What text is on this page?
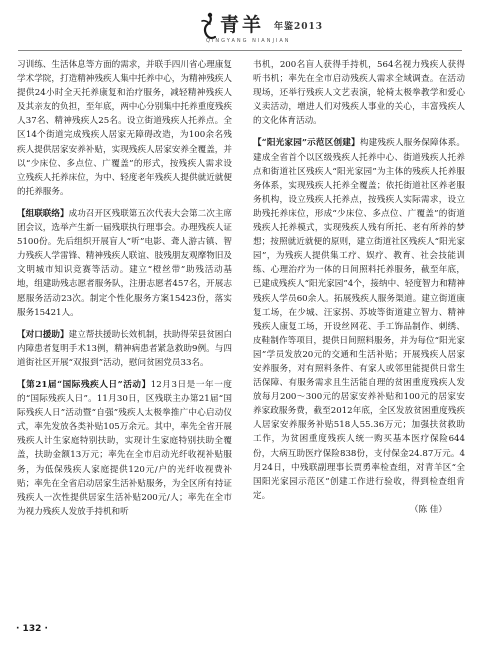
青羊 年鉴2013
QINGYANG NIANJIAN

习训练、生活体息等方面的需求，并联手四川省心理康复学术学院，打造精神残疾人集中托养中心，为精神残疾人提供24小时全天托养康复和治疗服务，减轻精神残疾人及其亲友的负担，至年底，两中心分别集中托养重度残疾人37名、精神残疾人25名。设立街道残疾人托养点。全区14个街道完成残疾人居家无障碍改造，为100余名残疾人提供居家安养补贴，实现残疾人居家安养全覆盖，并以“少床位、多点位、广覆盖”的形式，按残疾人需求设立残疾人托养床位，为中、轻度老年残疾人提供就近就便的托养服务。

【组联联络】成功召开区残联第五次代表大会第二次主席团会议，选举产生新一届残联执行理事会。办理残疾人证5100份。先后组织开展盲人“听”电影、聋人游古镇、智力残疾人学雷锋、精神残疾人联谊、肢残朋友观摩物旧及文明城市知识竞赛等活动。建立“橙丝带”助残活动基地，组建助残志愿者服务队，注册志愿者457名，开展志愿服务活动23次。制定个性化服务方案15423份，落实服务15421人。

【对口援助】建立帮扶援助长效机制，扶助得荣县贫困白内障患者复明手术13例，精神病患者紧急救助9例。与四道街社区开展“双报到”活动，慰问贫困党员33名。

【第21届“国际残疾人日”活动】12月3日是一年一度的“国际残疾人日”。11月30日，区残联主办第21届“国际残疾人日”活动暨“自强”残疾人太极拳推广中心启动仪式，率先发放各类补贴105万余元。其中，率先全省开展残疾人计生家庭特别扶助，实现计生家庭特别扶助全覆盖，扶助金额13万元；率先在全市启动光纤收视补贴服务，为低保残疾人家庭提供120元/户的光纤收视费补贴；率先在全省启动居家生活补贴服务，为全区所有持证残疾人一次性提供居家生活补贴200元/人；率先在全市为视力残疾人发放手持机和听

书机，200名盲人获得手持机，564名视力残疾人获得听书机；率先在全市启动残疾人需求全域调查。在活动现场，还举行残疾人文艺表演，轮椅太极拳教学和爱心义卖活动，增进人们对残疾人事业的关心，丰富残疾人的文化体育活动。

【“阳光家园”示范区创建】构建残疾人服务保障体系。建成全省首个以区级残疾人托养中心、街道残疾人托养点和街道社区残疾人“阳光家园”为主体的残疾人托养服务体系，实现残疾人托养全覆盖；依托街道社区养老服务机构，设立残疾人托养点，按残疾人实际需求，设立助残托养床位，形成“少床位、多点位、广覆盖”的街道残疾人托养模式，实现残疾人残有所托、老有所养的梦想；按照就近就便的原则，建立街道社区残疾人“阳光家园”，为残疾人提供集工疗、娱疗、教育、社会技能训练、心理治疗为一体的日间照料托养服务，截至年底，已建成残疾人“阳光家园”4个，接纳中、轻度智力和精神残疾人学员60余人。拓展残疾人服务渠道。建立街道康复工场，在少城、汪家拐、苏坡等街道建立智力、精神残疾人康复工场，开设丝网花、手工饰品制作、刺绣、皮鞋制作等项目，提供日间照料服务，并为每位“阳光家园”学员发放20元的交通和生活补贴；开展残疾人居家安养服务，对有照料条件、有家人或邻里能提供日常生活保障、有服务需求且生活能自理的贫困重度残疾人发放每月200～300元的居家安养补贴和100元的居家安养家政服务费，截至2012年底，全区发放贫困重度残疾人居家安养服务补贴518人55.36万元；加强扶贫救助工作，为贫困重度残疾人统一购买基本医疗保险644份，大病互助医疗保险838份，支付保金24.87万元。4月24日，中残联副理事长贾勇率检查组，对青羊区“全国阳光家园示范区”创建工作进行验收，得到检查组肯定。

（陈 佳）

· 132 ·
